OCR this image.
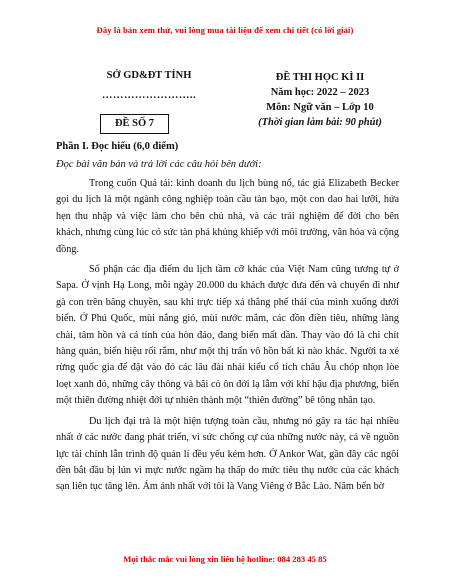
Đây là bản xem thử, vui lòng mua tài liệu để xem chi tiết (có lời giải)
SỞ GD&ĐT TỈNH
……………………..
ĐỀ SỐ 7
ĐỀ THI HỌC KÌ II
Năm học: 2022 – 2023
Môn: Ngữ văn – Lớp 10
(Thời gian làm bài: 90 phút)
Phần I. Đọc hiểu (6,0 điểm)
Đọc bài văn bản và trả lời các câu hỏi bên dưới:

Trong cuốn Quá tải: kinh doanh du lịch bùng nổ, tác giả Elizabeth Becker gọi du lịch là một ngành công nghiệp toàn cầu tàn bạo, một con dao hai lưỡi, hứa hẹn thu nhập và việc làm cho bên chủ nhà, và các trải nghiệm để đời cho bên khách, nhưng cùng lúc có sức tàn phá khủng khiếp với môi trường, văn hóa và cộng đồng.

Số phận các địa điểm du lịch tầm cỡ khác của Việt Nam cũng tương tự ở Sapa. Ở vịnh Hạ Long, mỗi ngày 20.000 du khách được đưa đến và chuyển đi như gà con trên băng chuyền, sau khi trực tiếp xả thẳng phế thải của mình xuống dưới biển. Ở Phú Quốc, mùi nắng gió, mùi nước mắm, các đồn điền tiêu, những làng chài, tâm hồn và cá tính của hòn đảo, đang biến mất dần. Thay vào đó là chi chít hàng quán, biển hiệu rối rắm, như một thị trấn vô hồn bất kì nào khác. Người ta xẻ rừng quốc gia để đặt vào đó các lâu đài nhái kiểu cổ tích châu Âu chóp nhọn lòe loẹt xanh đỏ, những cây thông và bãi cỏ ôn đới lạ lẫm với khí hậu địa phương, biến một thiên đường nhiệt đới tự nhiên thành một “thiên đường” bê tông nhân tạo.

Du lịch đại trà là một hiện tượng toàn cầu, nhưng nó gây ra tác hại nhiều nhất ở các nước đang phát triển, vì sức chống cự của những nước này, cả về nguồn lực tài chính lẫn trình độ quản lí đều yếu kém hơn. Ở Ankor Wat, gần đây các ngôi đền bắt đầu bị lún vì mực nước ngầm hạ thấp do mức tiêu thụ nước của các khách sạn liên tục tăng lên. Ám ảnh nhất với tôi là Vang Viêng ở Bắc Lào. Năm bến bờ

Mọi thắc mắc vui lòng xin liên hệ hotline: 084 283 45 85
